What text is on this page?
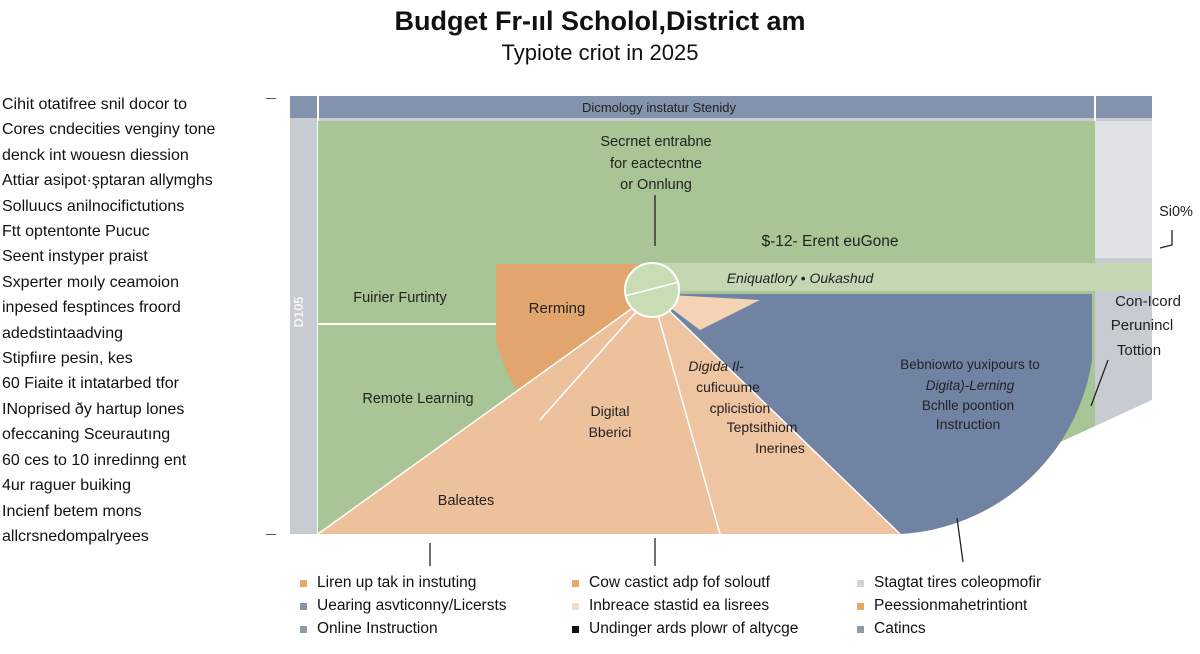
Budget Fr-ııl Scholol,District am
Typiote criot in 2025
Cihit otatifree snil docor to
Cores cndecities venginy tone
denck int wouesn diession
Attiar asipot·şptaran allymghs
Solluucs anilnocifictutions
Ftt optentonte Pucuc
Seent instyper praist
Sxperter moıly ceamoion
inpesed fesptinces froord
adedstintaadving
Stipfiıre pesin, kes
60 Fiaite it intatarbed tfor
INoprised ðy hartup lones
ofeccaning Sceurautıng
60 ces to 10 inredinng ent
4ur raguer buiking
Incienf betem mons
allcrsnedompalryees
Dicmology instatur Stenidy
D105
Secrnet entrabne
for eactecntne
or Onnlung
$-12- Erent euGone
Eniquatlory • Oukashud
Si0%
Con-Icord
Perunincl
Tottion
Fuirier Furtinty
Remote Learning
Baleates
Rerming
Digital
Bberici
Digida Il-
cuficuume
cplicistion
Teptsithiom
Inerines
Bebniowto yuxipours to
Digita)-Lerning
Bchlle poontion
Instruction
Liren up tak in instuting	Cow castict adp fof soloutf	Stagtat tires coleopmofir
Uearing asvticonny/Licersts	Inbreace stastid ea lisrees	Peessionmahetrintiont
Online Instruction	Undinger ards plowr of altycge	Catincs
